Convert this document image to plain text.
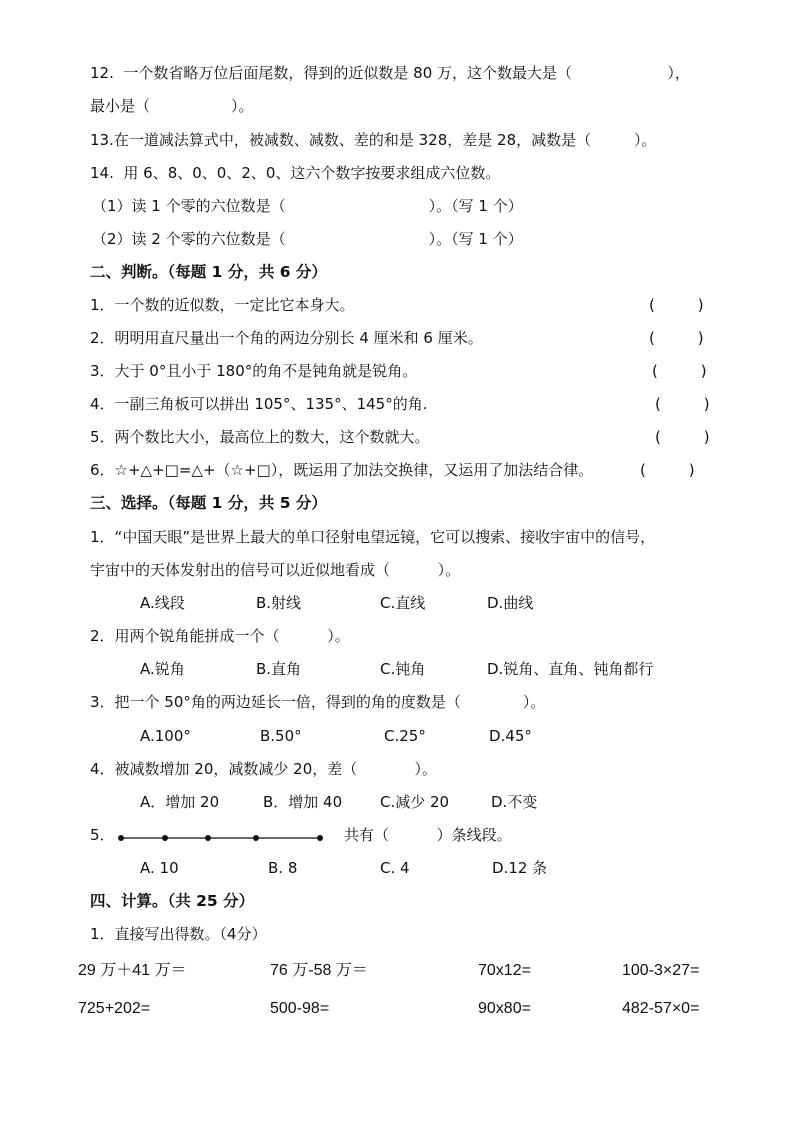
12.  一个数省略万位后面尾数，得到的近似数是 80 万，这个数最大是（                    ），
最小是（                 ）。
13.在一道减法算式中，被减数、减数、差的和是 328，差是 28，减数是（         ）。
14.  用 6、8、0、0、2、0、这六个数字按要求组成六位数。
（1）读 1 个零的六位数是（                              ）。（写 1 个）
（2）读 2 个零的六位数是（                              ）。（写 1 个）
二、判断。（每题 1 分，共 6 分）
1．一个数的近似数，一定比它本身大。	(         )
2．明明用直尺量出一个角的两边分别长 4 厘米和 6 厘米。	(         )
3．大于 0°且小于 180°的角不是钝角就是锐角。	(         )
4．一副三角板可以拼出 105°、135°、145°的角.	(         )
5．两个数比大小，最高位上的数大，这个数就大。	(         )
6．☆+△+□=△+（☆+□），既运用了加法交换律，又运用了加法结合律。	(         )
三、选择。（每题 1 分，共 5 分）
1．“中国天眼”是世界上最大的单口径射电望远镜，它可以搜索、接收宇宙中的信号，
宇宙中的天体发射出的信号可以近似地看成（          ）。
A.线段	B.射线	C.直线	D.曲线
2．用两个锐角能拼成一个（          ）。
A.锐角	B.直角	C.钝角	D.锐角、直角、钝角都行
3．把一个 50°角的两边延长一倍，得到的角的度数是（             ）。
A.100°	B.50°	C.25°	D.45°
4．被减数增加 20，减数减少 20，差（            ）。
A．增加 20	B．增加 40	C.减少 20	D.不变
5．	共有（          ）条线段。
A. 10	B. 8	C. 4	D.12 条
四、计算。（共 25 分）
1．直接写出得数。（4分）
29 万＋41 万＝	76 万-58 万＝	70x12=	100-3×27=
725+202=	500-98=	90x80=	482-57×0=
